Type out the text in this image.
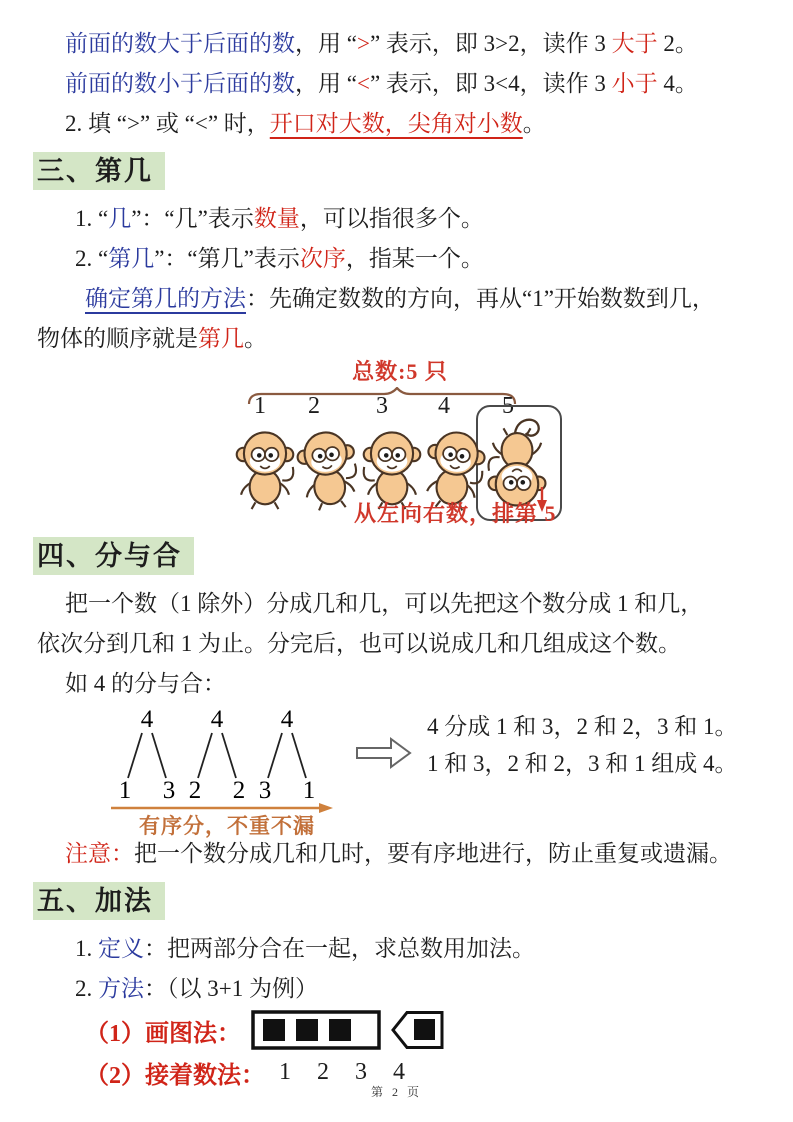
前面的数大于后面的数，用 “>” 表示，即 3>2，读作 3 大于 2。
前面的数小于后面的数，用 “<” 表示，即 3<4，读作 3 小于 4。
2. 填 “>” 或 “<” 时，开口对大数，尖角对小数。
三、第几
1. “几”：“几”表示数量，可以指很多个。
2. “第几”：“第几”表示次序，指某一个。
确定第几的方法：先确定数数的方向，再从“1”开始数数到几，
物体的顺序就是第几。
总数:5 只
1 2 3 4 5
从左向右数，排第 5
四、分与合
把一个数（1 除外）分成几和几，可以先把这个数分成 1 和几，
依次分到几和 1 为止。分完后，也可以说成几和几组成这个数。
如 4 的分与合：
4
1 3
4
2 2
4
3 1
有序分，不重不漏
4 分成 1 和 3，2 和 2，3 和 1。
1 和 3，2 和 2，3 和 1 组成 4。
注意：把一个数分成几和几时，要有序地进行，防止重复或遗漏。
五、加法
1. 定义：把两部分合在一起，求总数用加法。
2. 方法：（以 3+1 为例）
（1）画图法：
（2）接着数法： 1 2 3 4
第 2 页
